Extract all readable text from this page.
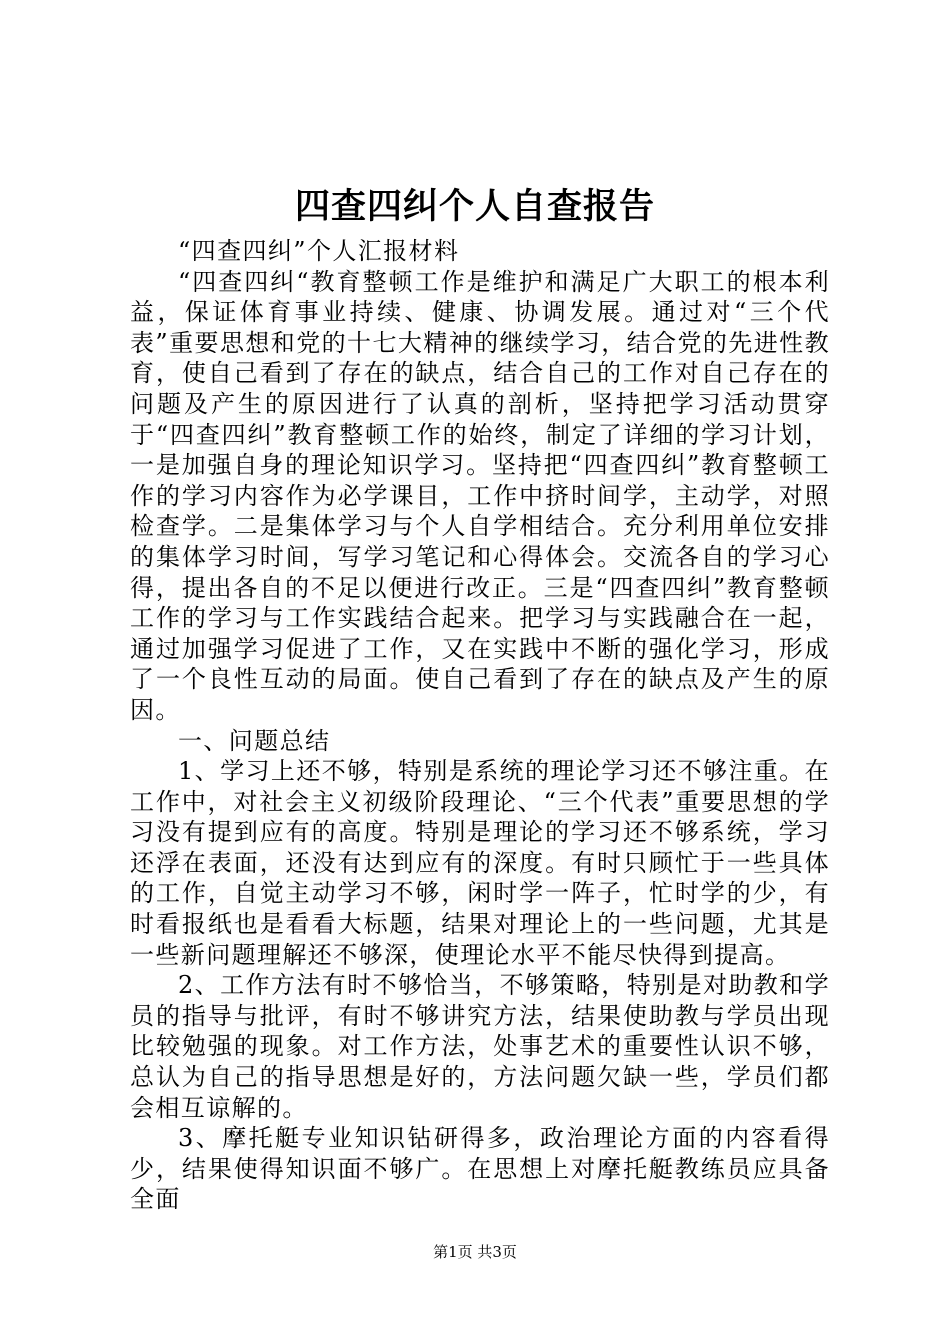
四查四纠个人自查报告

“四查四纠”个人汇报材料

“四查四纠“教育整顿工作是维护和满足广大职工的根本利益，保证体育事业持续、健康、协调发展。通过对“三个代表”重要思想和党的十七大精神的继续学习，结合党的先进性教育，使自己看到了存在的缺点，结合自己的工作对自己存在的问题及产生的原因进行了认真的剖析，坚持把学习活动贯穿于“四查四纠”教育整顿工作的始终，制定了详细的学习计划，一是加强自身的理论知识学习。坚持把“四查四纠”教育整顿工作的学习内容作为必学课目，工作中挤时间学，主动学，对照检查学。二是集体学习与个人自学相结合。充分利用单位安排的集体学习时间，写学习笔记和心得体会。交流各自的学习心得，提出各自的不足以便进行改正。三是“四查四纠”教育整顿工作的学习与工作实践结合起来。把学习与实践融合在一起，通过加强学习促进了工作，又在实践中不断的强化学习，形成了一个良性互动的局面。使自己看到了存在的缺点及产生的原因。

一、问题总结

1、学习上还不够，特别是系统的理论学习还不够注重。在工作中，对社会主义初级阶段理论、“三个代表”重要思想的学习没有提到应有的高度。特别是理论的学习还不够系统，学习还浮在表面，还没有达到应有的深度。有时只顾忙于一些具体的工作，自觉主动学习不够，闲时学一阵子，忙时学的少，有时看报纸也是看看大标题，结果对理论上的一些问题，尤其是一些新问题理解还不够深，使理论水平不能尽快得到提高。

2、工作方法有时不够恰当，不够策略，特别是对助教和学员的指导与批评，有时不够讲究方法，结果使助教与学员出现比较勉强的现象。对工作方法，处事艺术的重要性认识不够，总认为自己的指导思想是好的，方法问题欠缺一些，学员们都会相互谅解的。

3、摩托艇专业知识钻研得多，政治理论方面的内容看得少，结果使得知识面不够广。在思想上对摩托艇教练员应具备全面

第1页 共3页
